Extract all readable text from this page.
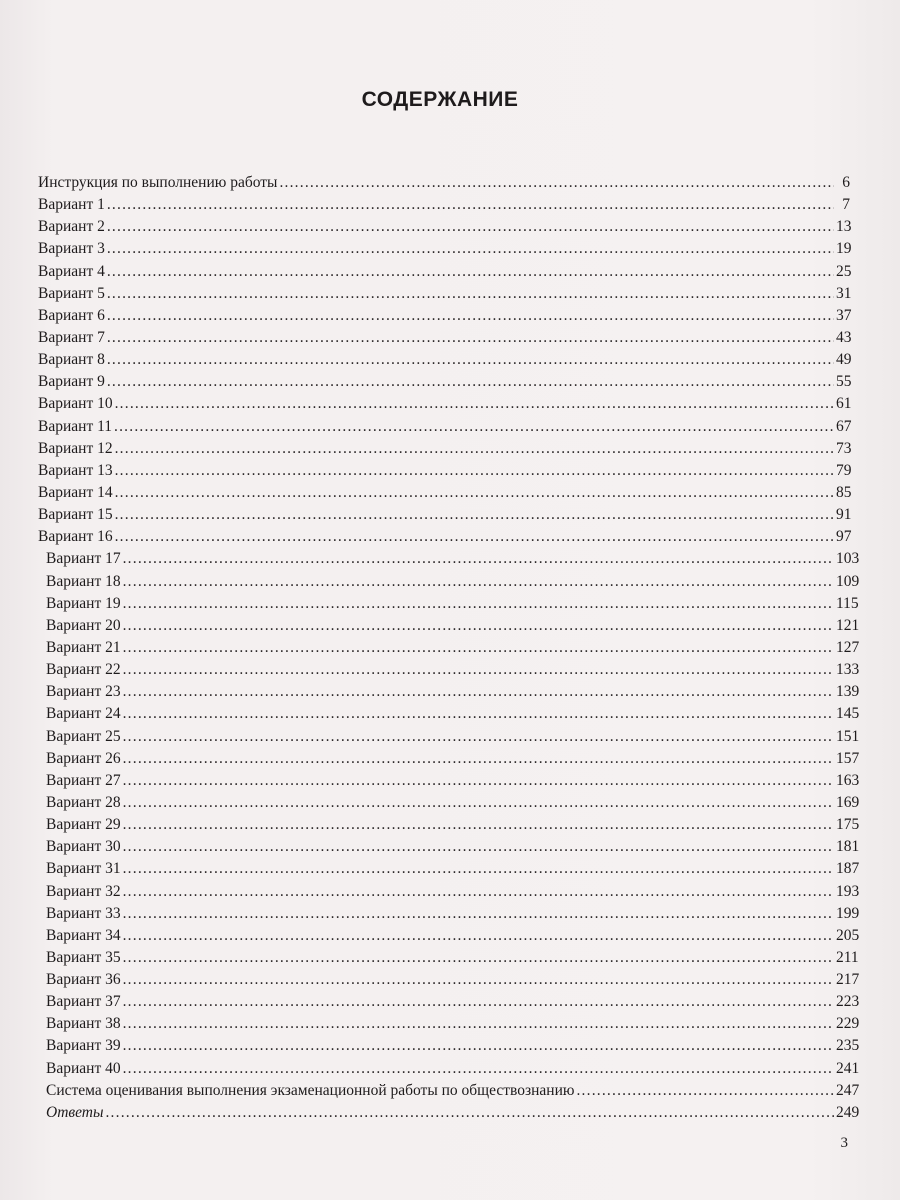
СОДЕРЖАНИЕ
Инструкция по выполнению работы .....	6
Вариант 1 .....	7
Вариант 2 .....	13
Вариант 3 .....	19
Вариант 4 .....	25
Вариант 5 .....	31
Вариант 6 .....	37
Вариант 7 .....	43
Вариант 8 .....	49
Вариант 9 .....	55
Вариант 10 .....	61
Вариант 11 .....	67
Вариант 12 .....	73
Вариант 13 .....	79
Вариант 14 .....	85
Вариант 15 .....	91
Вариант 16 .....	97
Вариант 17 .....	103
Вариант 18 .....	109
Вариант 19 .....	115
Вариант 20 .....	121
Вариант 21 .....	127
Вариант 22 .....	133
Вариант 23 .....	139
Вариант 24 .....	145
Вариант 25 .....	151
Вариант 26 .....	157
Вариант 27 .....	163
Вариант 28 .....	169
Вариант 29 .....	175
Вариант 30 .....	181
Вариант 31 .....	187
Вариант 32 .....	193
Вариант 33 .....	199
Вариант 34 .....	205
Вариант 35 .....	211
Вариант 36 .....	217
Вариант 37 .....	223
Вариант 38 .....	229
Вариант 39 .....	235
Вариант 40 .....	241
Система оценивания выполнения экзаменационной работы по обществознанию .....	247
Ответы .....	249
3
